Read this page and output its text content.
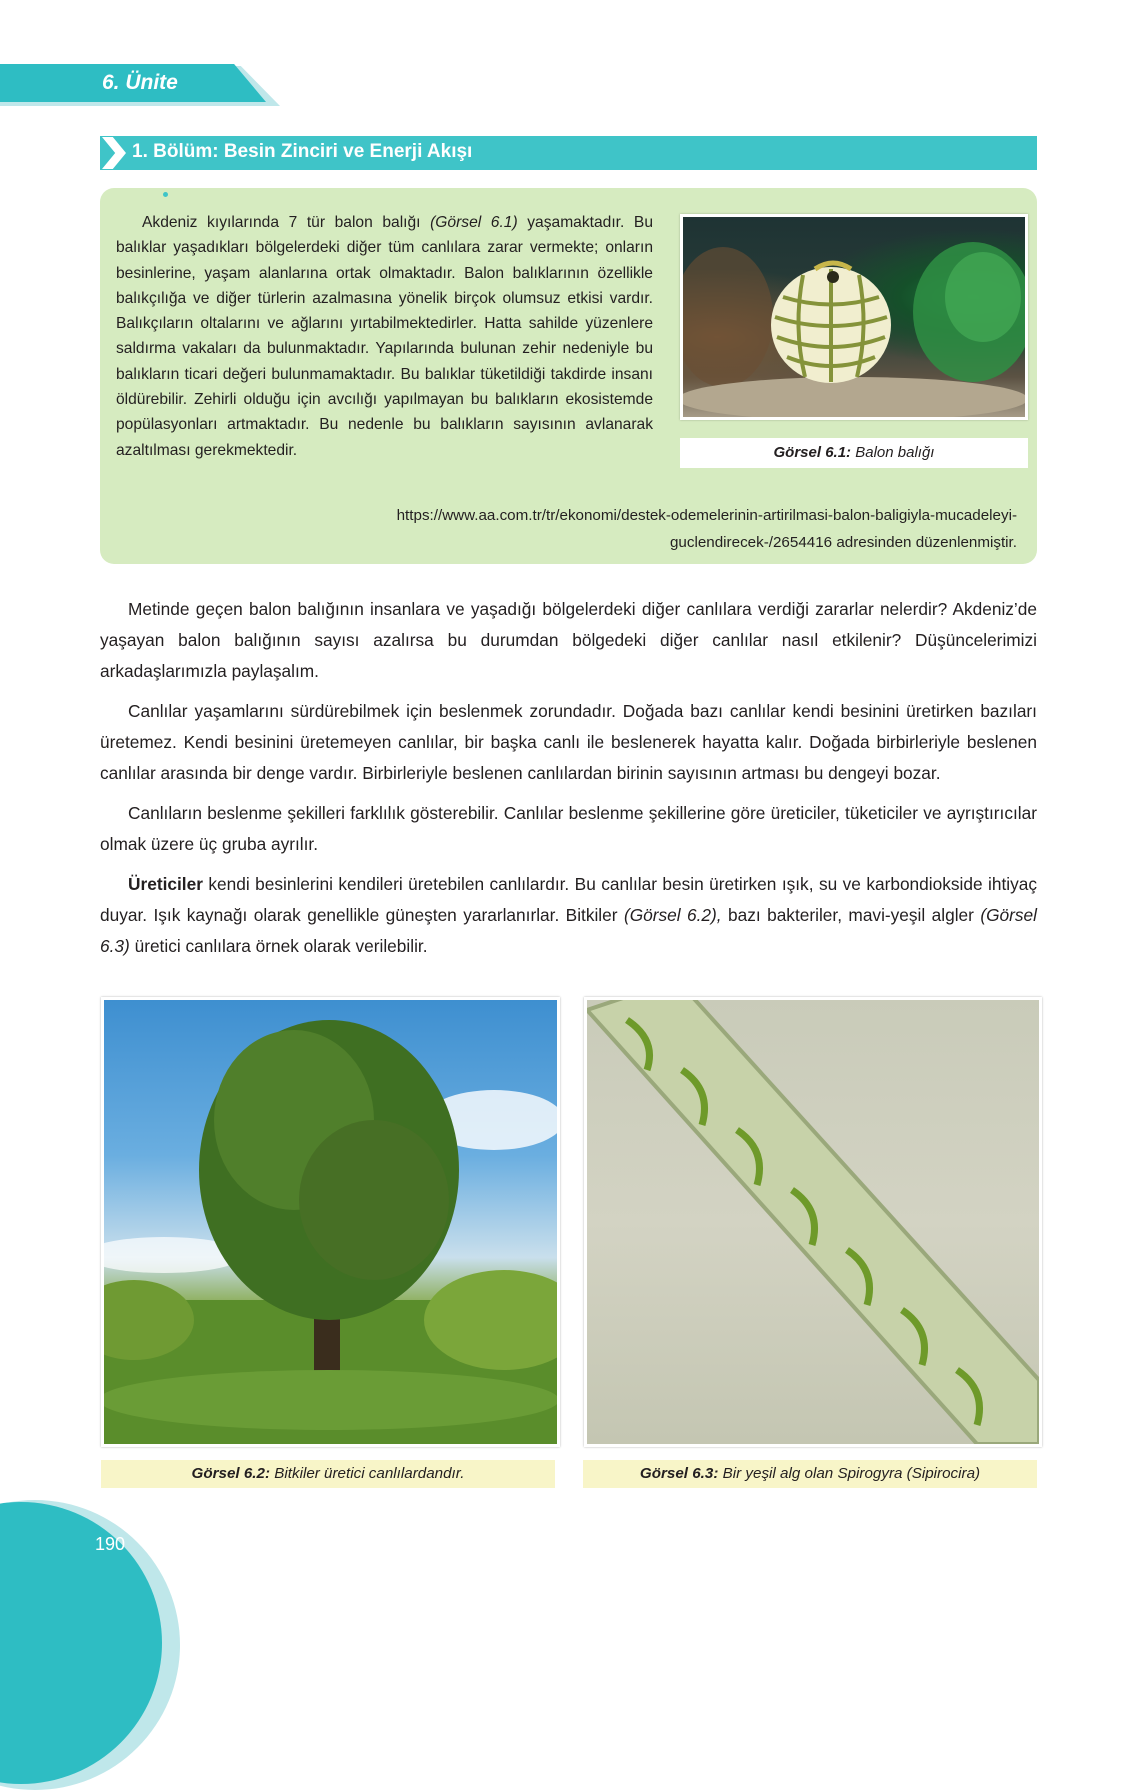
6. Ünite
1. Bölüm: Besin Zinciri ve Enerji Akışı
Akdeniz kıyılarında 7 tür balon balığı (Görsel 6.1) yaşamaktadır. Bu balıklar yaşadıkları bölgelerdeki diğer tüm canlılara zarar vermekte; onların besinlerine, yaşam alanlarına ortak olmaktadır. Balon balıklarının özellikle balıkçılığa ve diğer türlerin azalmasına yönelik birçok olumsuz etkisi vardır. Balıkçıların oltalarını ve ağlarını yırtabilmektedirler. Hatta sahilde yüzenlere saldırma vakaları da bulunmaktadır. Yapılarında bulunan zehir nedeniyle bu balıkların ticari değeri bulunmamaktadır. Bu balıklar tüketildiği takdirde insanı öldürebilir. Zehirli olduğu için avcılığı yapılmayan bu balıkların ekosistemde popülasyonları artmaktadır. Bu nedenle bu balıkların sayısının avlanarak azaltılması gerekmektedir.	Görsel 6.1: Balon balığı
https://www.aa.com.tr/tr/ekonomi/destek-odemelerinin-artirilmasi-balon-baligiyla-mucadeleyi-
guclendirecek-/2654416 adresinden düzenlenmiştir.

Metinde geçen balon balığının insanlara ve yaşadığı bölgelerdeki diğer canlılara verdiği zararlar nelerdir? Akdeniz’de yaşayan balon balığının sayısı azalırsa bu durumdan bölgedeki diğer canlılar nasıl etkilenir? Düşüncelerimizi arkadaşlarımızla paylaşalım.

Canlılar yaşamlarını sürdürebilmek için beslenmek zorundadır. Doğada bazı canlılar kendi besinini üretirken bazıları üretemez. Kendi besinini üretemeyen canlılar, bir başka canlı ile beslenerek hayatta kalır. Doğada birbirleriyle beslenen canlılar arasında bir denge vardır. Birbirleriyle beslenen canlılardan birinin sayısının artması bu dengeyi bozar.

Canlıların beslenme şekilleri farklılık gösterebilir. Canlılar beslenme şekillerine göre üreticiler, tüketiciler ve ayrıştırıcılar olmak üzere üç gruba ayrılır.

Üreticiler kendi besinlerini kendileri üretebilen canlılardır. Bu canlılar besin üretirken ışık, su ve karbondiokside ihtiyaç duyar. Işık kaynağı olarak genellikle güneşten yararlanırlar. Bitkiler (Görsel 6.2), bazı bakteriler, mavi-yeşil algler (Görsel 6.3) üretici canlılara örnek olarak verilebilir.

Görsel 6.2: Bitkiler üretici canlılardandır.	Görsel 6.3: Bir yeşil alg olan Spirogyra (Sipirocira)
190
